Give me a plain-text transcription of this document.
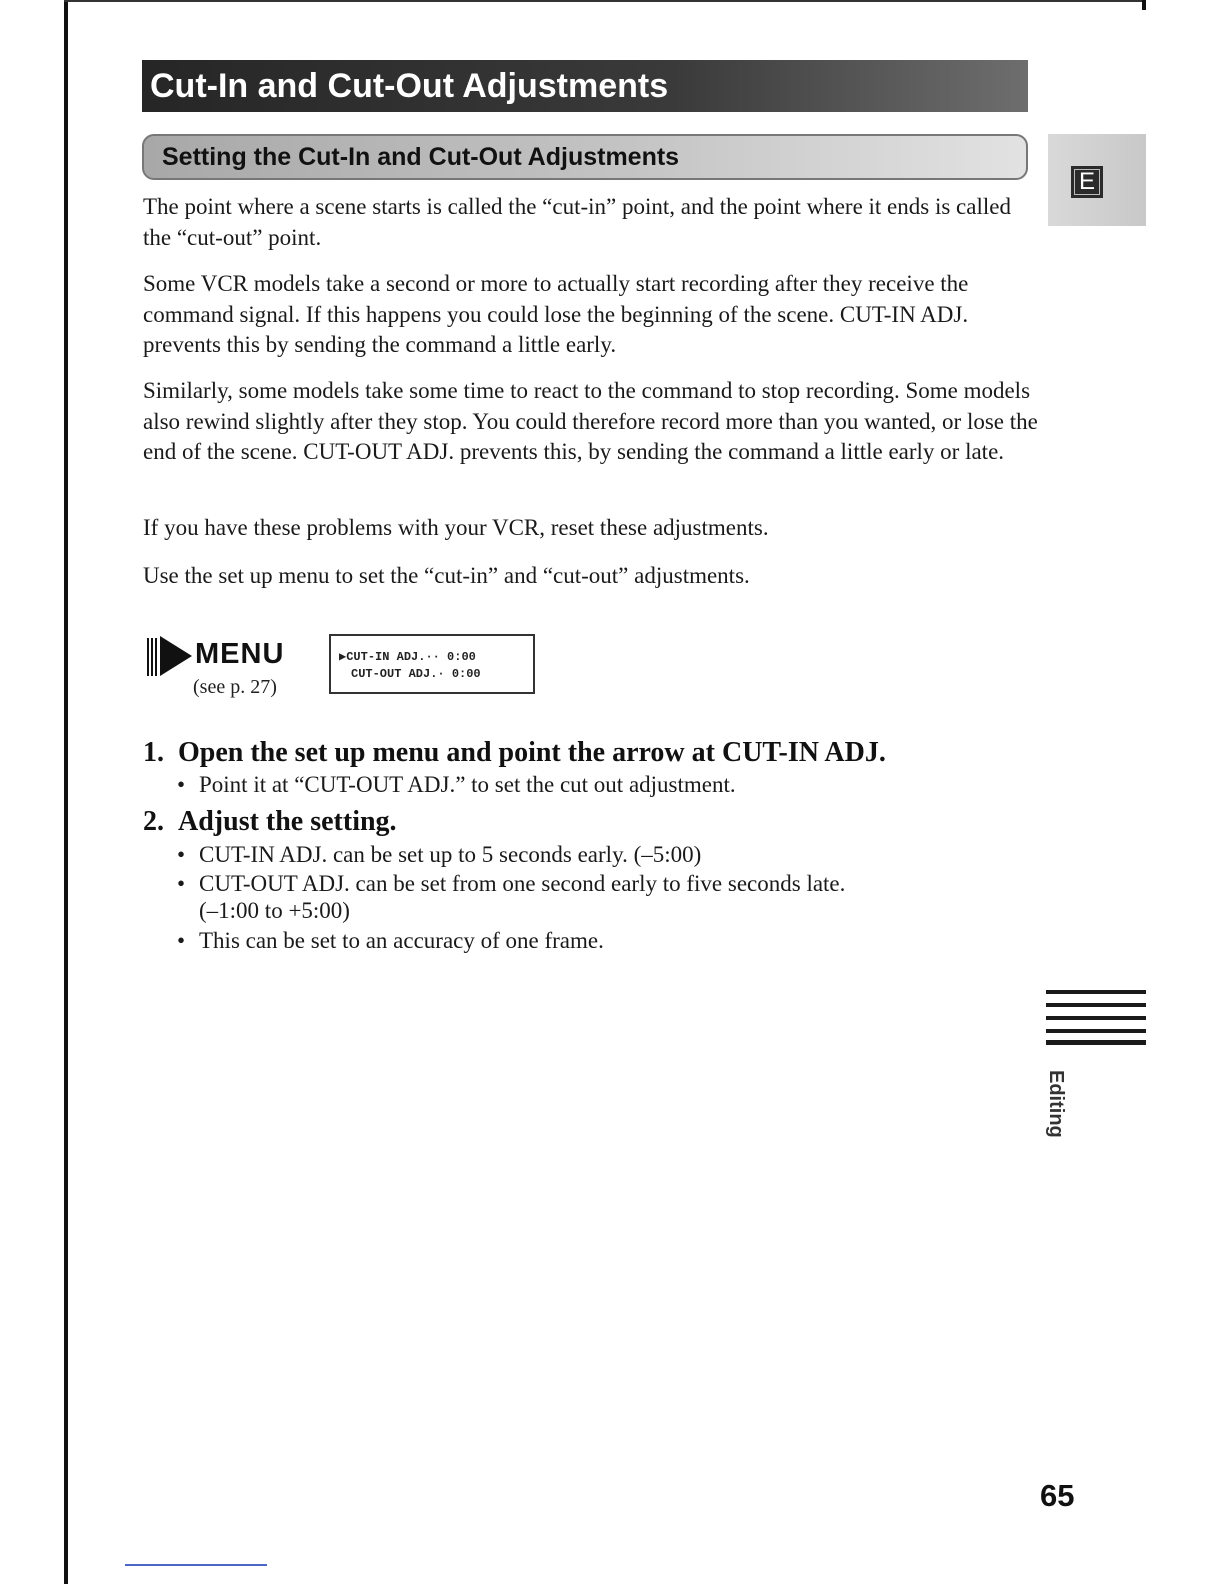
Cut-In and Cut-Out Adjustments
Setting the Cut-In and Cut-Out Adjustments
E

The point where a scene starts is called the “cut-in” point, and the point where it ends is called the “cut-out” point.

Some VCR models take a second or more to actually start recording after they receive the command signal. If this happens you could lose the beginning of the scene. CUT-IN ADJ. prevents this by sending the command a little early.

Similarly, some models take some time to react to the command to stop recording. Some models also rewind slightly after they stop. You could therefore record more than you wanted, or lose the end of the scene. CUT-OUT ADJ. prevents this, by sending the command a little early or late.

If you have these problems with your VCR, reset these adjustments.

Use the set up menu to set the “cut-in” and “cut-out” adjustments.

MENU
(see p. 27)
▶CUT-IN ADJ.·· 0:00
CUT-OUT ADJ.· 0:00

1. Open the set up menu and point the arrow at CUT-IN ADJ.

• Point it at “CUT-OUT ADJ.” to set the cut out adjustment.

2. Adjust the setting.

• CUT-IN ADJ. can be set up to 5 seconds early. (–5:00)

• CUT-OUT ADJ. can be set from one second early to five seconds late.

(–1:00 to +5:00)

• This can be set to an accuracy of one frame.

Editing
65
